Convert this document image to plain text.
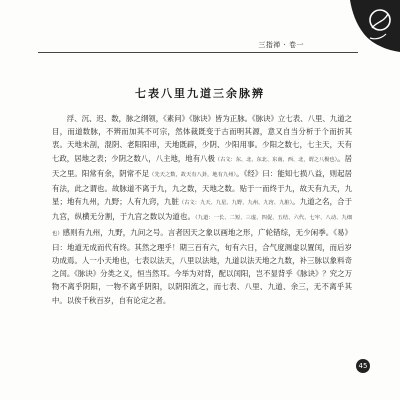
三指禅 · 卷一
七表八里九道三余脉辨

浮、沉、迟、数，脉之纲领，《素问》《脉诀》皆为正脉。《脉诀》立七表、八里、九道之目，而道数脉，不辨而加其不可宗，然体裁既变于古而明其源，意又自当分析于个而折其衷。天地未剖，混阴、老阳阳串，天地既辟，少阴、少阳用事。少阳之数七，七主天，天有七政，居地之表；少阴之数八，八主地，地有八极（古文：东、北、东北、东南、西、北，谓之八极也）。居天之里。阳常有余，阴常不足（先天之数，故天有八卦，地有九州）。《经》曰：能知七损八益，则起居有法，此之谓也。故脉道不离于九，九之数，天地之数。贴于一而终于九，故天有九天，九星；地有九州，九野；人有九窍，九脏（古文：九天、九星、九野、九州、九窍、九脏）。九道之名，合于九宫，纵横无分割，于九宫之数以为道也。（九道：一长、二短、三虚、四促、五结、六代、七牢、八动、九细也）感则有九州，九野，九问之号。言者因天之象以画地之形，广轮错综，无少闲季。《易》曰：地道无成而代有终。其然之理乎！期三百有六，旬有六日，合气度测虚以置闰，而后岁功成焉。人一小天地也，七表以法天，八里以法地，九道以法天地之九数，补三脉以象料奇之闰。《脉诀》分类之义，恒当然耳。今举为对背，配以闰阳，岂不显背乎《脉诀》？究之万物不离乎阴阳，一物不离乎阴阳，以阴阳流之，而七表、八里、九道、余三，无不离乎其中。以俟千秋百岁，自有论定之者。

45
